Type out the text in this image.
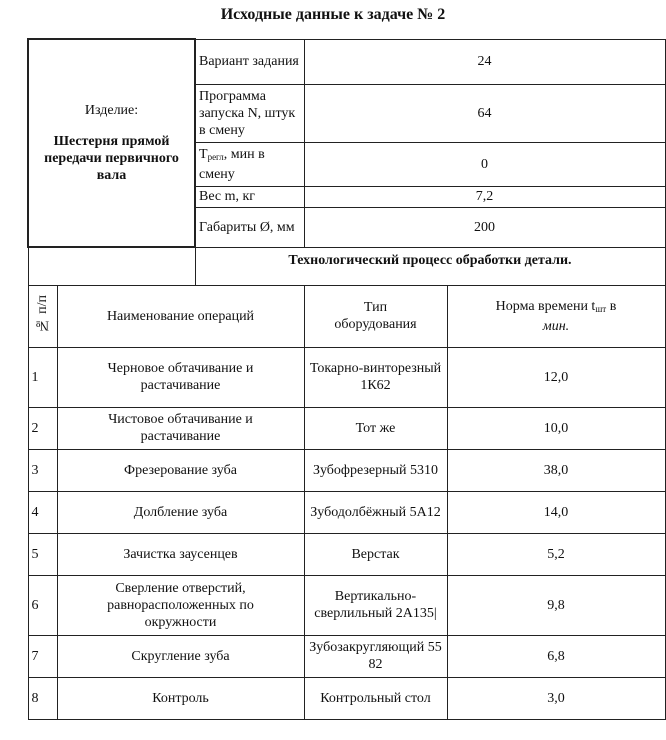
Исходные данные к задаче № 2
Изделие:
Шестерня прямой передачи первичного вала		Вариант задания	24	
		Программа запуска N, штук в смену	64	
		$T_{регл}$, мин в смену	0	
		Вес m, кг	7,2	
		Габариты Ø, мм	200	
		Технологический процесс обработки детали.		
№ п/п	Наименование операций		Тип оборудования	Норма времени $t_{шт}$ в
мин.
1	Черновое обтачивание и растачивание		Токарно-винторезный 1К62	12,0
2	Чистовое обтачивание и растачивание		Тот же	10,0
3	Фрезерование зуба		Зубофрезерный 5310	38,0
4	Долбление зуба		Зубодолбёжный 5А12	14,0
5	Зачистка заусенцев		Верстак	5,2
6	Сверление отверстий, равнорасположенных по окружности		Вертикально-сверлильный 2А135|	9,8
7	Скругление зуба		Зубозакругляющий 5582	6,8
8	Контроль		Контрольный стол	3,0
